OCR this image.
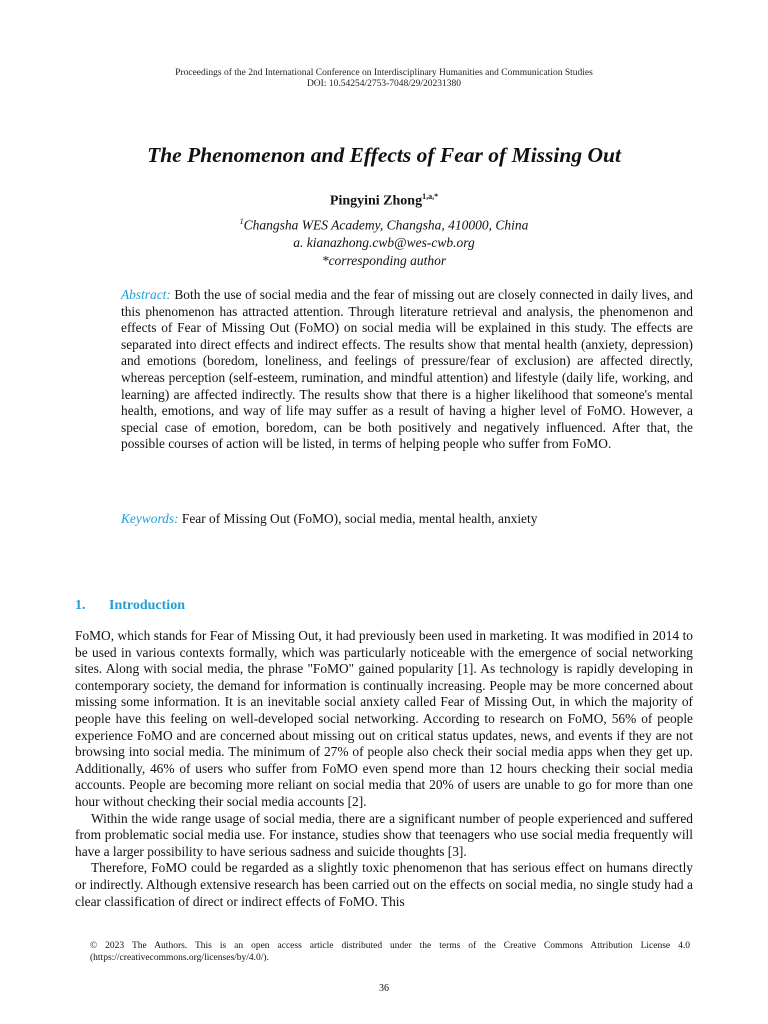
Proceedings of the 2nd International Conference on Interdisciplinary Humanities and Communication Studies
DOI: 10.54254/2753-7048/29/20231380
The Phenomenon and Effects of Fear of Missing Out
Pingyini Zhong$^{1,a,*}$
$^1$Changsha WES Academy, Changsha, 410000, China
a. kianazhong.cwb@wes-cwb.org
*corresponding author
Abstract: Both the use of social media and the fear of missing out are closely connected in daily lives, and this phenomenon has attracted attention. Through literature retrieval and analysis, the phenomenon and effects of Fear of Missing Out (FoMO) on social media will be explained in this study. The effects are separated into direct effects and indirect effects. The results show that mental health (anxiety, depression) and emotions (boredom, loneliness, and feelings of pressure/fear of exclusion) are affected directly, whereas perception (self-esteem, rumination, and mindful attention) and lifestyle (daily life, working, and learning) are affected indirectly. The results show that there is a higher likelihood that someone's mental health, emotions, and way of life may suffer as a result of having a higher level of FoMO. However, a special case of emotion, boredom, can be both positively and negatively influenced. After that, the possible courses of action will be listed, in terms of helping people who suffer from FoMO.
Keywords: Fear of Missing Out (FoMO), social media, mental health, anxiety
1. Introduction

FoMO, which stands for Fear of Missing Out, it had previously been used in marketing. It was modified in 2014 to be used in various contexts formally, which was particularly noticeable with the emergence of social networking sites. Along with social media, the phrase "FoMO" gained popularity [1]. As technology is rapidly developing in contemporary society, the demand for information is continually increasing. People may be more concerned about missing some information. It is an inevitable social anxiety called Fear of Missing Out, in which the majority of people have this feeling on well-developed social networking. According to research on FoMO, 56% of people experience FoMO and are concerned about missing out on critical status updates, news, and events if they are not browsing into social media. The minimum of 27% of people also check their social media apps when they get up. Additionally, 46% of users who suffer from FoMO even spend more than 12 hours checking their social media accounts. People are becoming more reliant on social media that 20% of users are unable to go for more than one hour without checking their social media accounts [2].

Within the wide range usage of social media, there are a significant number of people experienced and suffered from problematic social media use. For instance, studies show that teenagers who use social media frequently will have a larger possibility to have serious sadness and suicide thoughts [3].

Therefore, FoMO could be regarded as a slightly toxic phenomenon that has serious effect on humans directly or indirectly. Although extensive research has been carried out on the effects on social media, no single study had a clear classification of direct or indirect effects of FoMO. This

© 2023 The Authors. This is an open access article distributed under the terms of the Creative Commons Attribution License 4.0 (https://creativecommons.org/licenses/by/4.0/).
36
